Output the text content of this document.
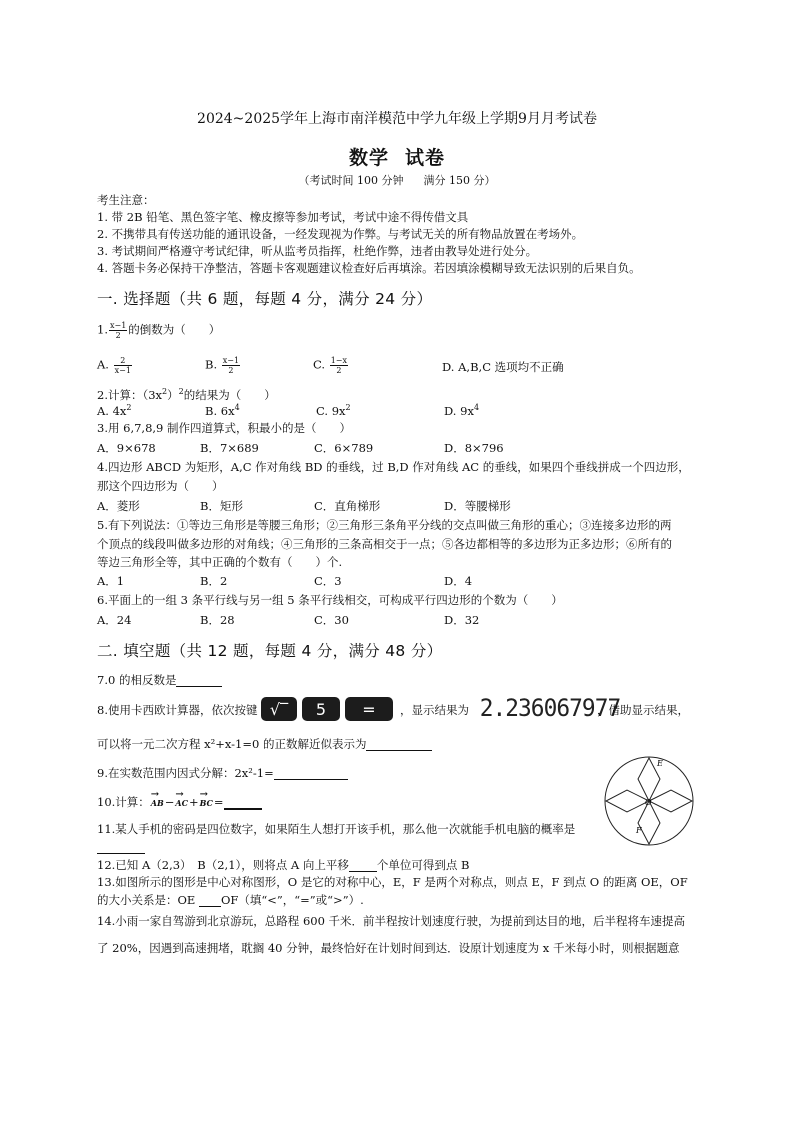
2024~2025学年上海市南洋模范中学九年级上学期9月月考试卷
数学 试卷
（考试时间 100 分钟 满分 150 分）
考生注意：
1. 带 2B 铅笔、黑色签字笔、橡皮擦等参加考试，考试中途不得传借文具
2. 不携带具有传送功能的通讯设备，一经发现视为作弊。与考试无关的所有物品放置在考场外。
3. 考试期间严格遵守考试纪律，听从监考员指挥，杜绝作弊，违者由教导处进行处分。
4. 答题卡务必保持干净整洁，答题卡客观题建议检查好后再填涂。若因填涂模糊导致无法识别的后果自负。
一. 选择题（共 6 题，每题 4 分，满分 24 分）
1. $\frac{x-1}{2}$ 的倒数为（　　）
A. $\frac{2}{x-1}$	B. $\frac{x-1}{2}$	C. $\frac{1-x}{2}$	D. A,B,C 选项均不正确
2.计算：$(3x^2)^2$的结果为（　　）
A. $4x^2$	B. $6x^4$	C. $9x^2$	D. $9x^4$
3.用 6,7,8,9 制作四道算式，积最小的是（　　）
A．9×678	B．7×689	C．6×789	D．8×796
4.四边形 ABCD 为矩形，A,C 作对角线 BD 的垂线，过 B,D 作对角线 AC 的垂线，如果四个垂线拼成一个四边形，
那这个四边形为（　　）
A．菱形	B．矩形	C．直角梯形	D．等腰梯形
5.有下列说法：①等边三角形是等腰三角形；②三角形三条角平分线的交点叫做三角形的重心；③连接多边形的两
个顶点的线段叫做多边形的对角线；④三角形的三条高相交于一点；⑤各边都相等的多边形为正多边形；⑥所有的
等边三角形全等，其中正确的个数有（　　）个.
A．1	B．2	C．3	D．4
6.平面上的一组 3 条平行线与另一组 5 条平行线相交，可构成平行四边形的个数为（　　）
A．24	B．28	C．30	D．32
二. 填空题（共 12 题，每题 4 分，满分 48 分）
7.0 的相反数是
8.使用卡西欧计算器，依次按键 √‾	5	=	，显示结果为 2.236067977
，借助显示结果，
可以将一元二次方程 x²+x-1=0 的正数解近似表示为
9.在实数范围内因式分解：2x²-1=
10.计算：→ AB−→ AC+→ BC=
11.某人手机的密码是四位数字，如果陌生人想打开该手机，那么他一次就能手机电脑的概率是

12.已知 A（2,3）　B（2,1），则将点 A 向上平移 个单位可得到点 B
13.如图所示的图形是中心对称图形，O 是它的对称中心，E，F 是两个对称点，则点 E，F 到点 O 的距离 OE，OF
的大小关系是：OE  OF（填“<”，“=”或“>”）.
14.小雨一家自驾游到北京游玩，总路程 600 千米．前半程按计划速度行驶，为提前到达目的地，后半程将车速提高
了 20%，因遇到高速拥堵，耽搁 40 分钟，最终恰好在计划时间到达．设原计划速度为 x 千米每小时，则根据题意
E
O
F
